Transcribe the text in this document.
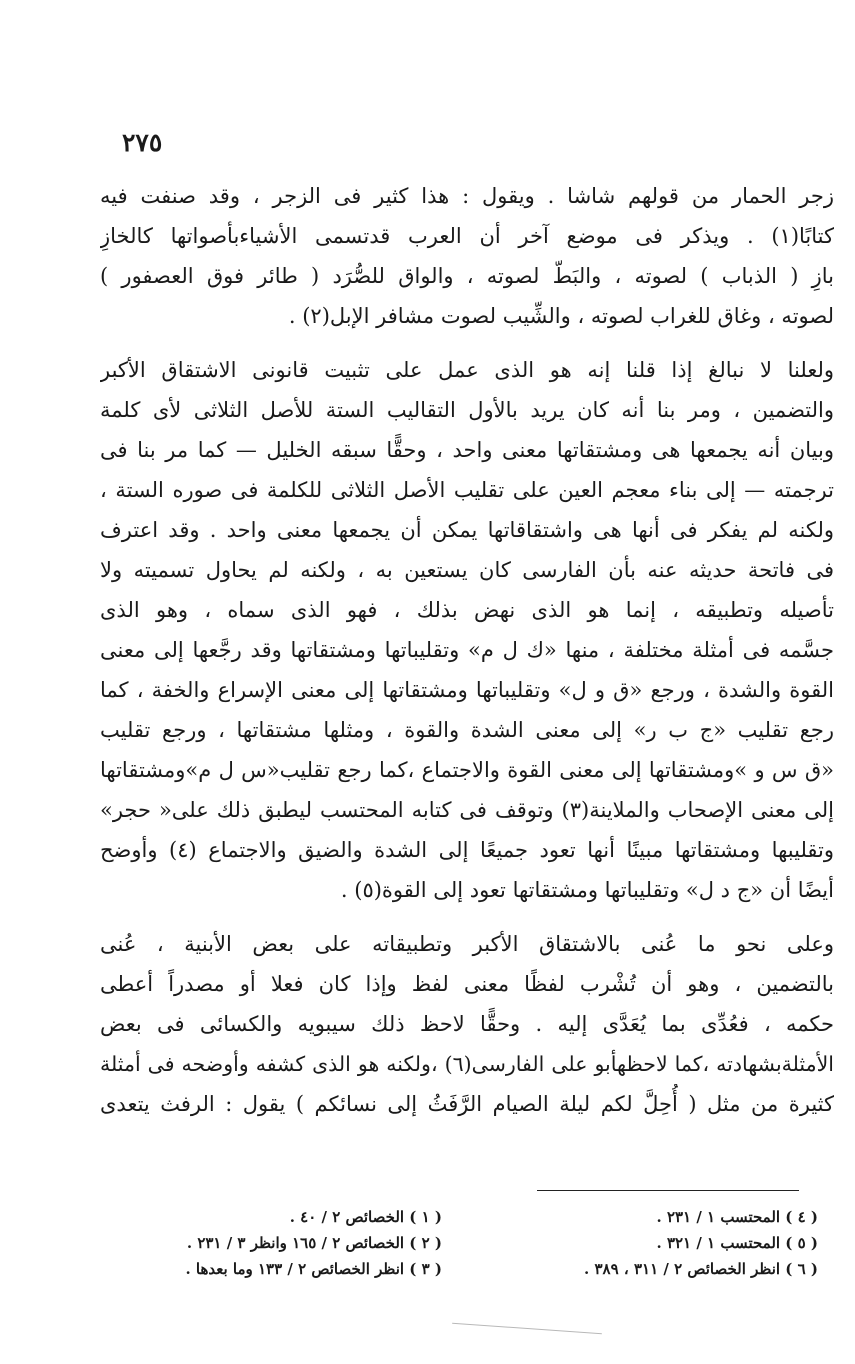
٢٧٥
زجر الحمار من قولهم شاشا . ويقول : هذا كثير فى الزجر ، وقد صنفت فيه
كتابًا(١) . ويذكر فى موضع آخر أن العرب قدتسمى الأشياءبأصواتها كالخازِ
بازِ ( الذباب ) لصوته ، والبَطّ لصوته ، والواق للصُّرَد ( طائر فوق العصفور )
لصوته ، وغاق للغراب لصوته ، والشِّيب لصوت مشافر الإبل(٢) .
ولعلنا لا نبالغ إذا قلنا إنه هو الذى عمل على تثبيت قانونى الاشتقاق الأكبر
والتضمين ، ومر بنا أنه كان يريد بالأول التقاليب الستة للأصل الثلاثى لأى كلمة
وبيان أنه يجمعها هى ومشتقاتها معنى واحد ، وحقًّا سبقه الخليل — كما مر بنا فى
ترجمته — إلى بناء معجم العين على تقليب الأصل الثلاثى للكلمة فى صوره الستة ،
ولكنه لم يفكر فى أنها هى واشتقاقاتها يمكن أن يجمعها معنى واحد . وقد اعترف
فى فاتحة حديثه عنه بأن الفارسى كان يستعين به ، ولكنه لم يحاول تسميته ولا
تأصيله وتطبيقه ، إنما هو الذى نهض بذلك ، فهو الذى سماه ، وهو الذى
جسَّمه فى أمثلة مختلفة ، منها «ك ل م» وتقليباتها ومشتقاتها وقد رجَّعها إلى معنى
القوة والشدة ، ورجع «ق و ل» وتقليباتها ومشتقاتها إلى معنى الإسراع والخفة ، كما
رجع تقليب «ج ب ر» إلى معنى الشدة والقوة ، ومثلها مشتقاتها ، ورجع تقليب
«ق س و »ومشتقاتها إلى معنى القوة والاجتماع ،كما رجع تقليب«س ل م»ومشتقاتها
إلى معنى الإصحاب والملاينة(٣) وتوقف فى كتابه المحتسب ليطبق ذلك على« حجر»
وتقليبها ومشتقاتها مبينًا أنها تعود جميعًا إلى الشدة والضيق والاجتماع (٤) وأوضح
أيضًا أن «ج د ل» وتقليباتها ومشتقاتها تعود إلى القوة(٥) .
وعلى نحو ما عُنى بالاشتقاق الأكبر وتطبيقاته على بعض الأبنية ، عُنى
بالتضمين ، وهو أن تُشْرب لفظًا معنى لفظ وإذا كان فعلا أو مصدراً أعطى
حكمه ، فعُدِّى بما يُعَدَّى إليه . وحقًّا لاحظ ذلك سيبويه والكسائى فى بعض
الأمثلةبشهادته ،كما لاحظهأبو على الفارسى(٦) ،ولكنه هو الذى كشفه وأوضحه فى أمثلة
كثيرة من مثل ( أُحِلَّ لكم ليلة الصيام الرَّفَثُ إلى نسائكم ) يقول : الرفث يتعدى
( ١ ) الخصائص ٢ / ٤٠ .
( ٢ ) الخصائص ٢ / ١٦٥ وانظر ٣ / ٢٣١ .
( ٣ ) انظر الخصائص ٢ / ١٣٣ وما بعدها .
( ٤ ) المحتسب ١ / ٢٣١ .
( ٥ ) المحتسب ١ / ٣٢١ .
( ٦ ) انظر الخصائص ٢ / ٣١١ ، ٣٨٩ .
